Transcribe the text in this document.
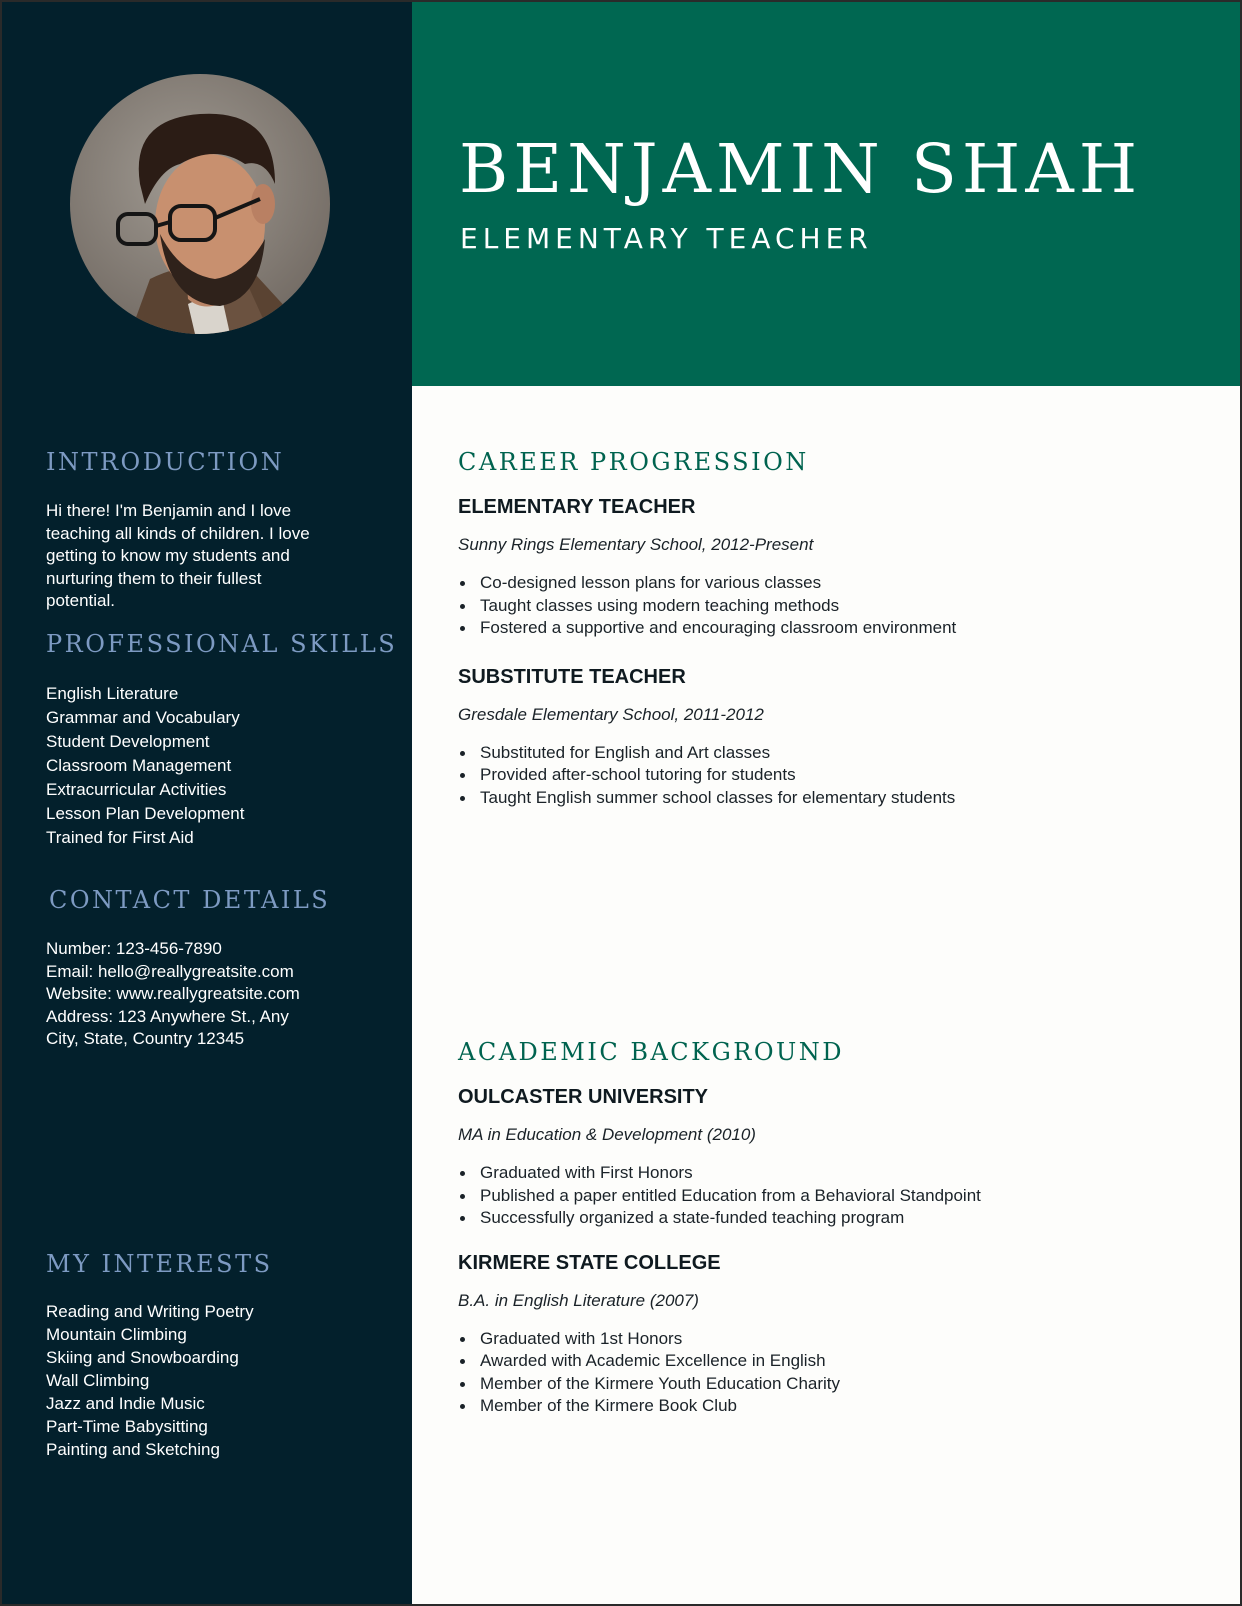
INTRODUCTION

Hi there! I'm Benjamin and I love teaching all kinds of children. I love getting to know my students and nurturing them to their fullest potential.

PROFESSIONAL SKILLS
English Literature
Grammar and Vocabulary
Student Development
Classroom Management
Extracurricular Activities
Lesson Plan Development
Trained for First Aid
CONTACT DETAILS

Number: 123-456-7890

Email: hello@reallygreatsite.com

Website: www.reallygreatsite.com

Address: 123 Anywhere St., Any City, State, Country 12345

MY INTERESTS
Reading and Writing Poetry
Mountain Climbing
Skiing and Snowboarding
Wall Climbing
Jazz and Indie Music
Part-Time Babysitting
Painting and Sketching
BENJAMIN SHAH
ELEMENTARY TEACHER
CAREER PROGRESSION
ELEMENTARY TEACHER

Sunny Rings Elementary School, 2012-Present

Co-designed lesson plans for various classes
Taught classes using modern teaching methods
Fostered a supportive and encouraging classroom environment
SUBSTITUTE TEACHER

Gresdale Elementary School, 2011-2012

Substituted for English and Art classes
Provided after-school tutoring for students
Taught English summer school classes for elementary students
ACADEMIC BACKGROUND
OULCASTER UNIVERSITY

MA in Education & Development (2010)

Graduated with First Honors
Published a paper entitled Education from a Behavioral Standpoint
Successfully organized a state-funded teaching program
KIRMERE STATE COLLEGE

B.A. in English Literature (2007)

Graduated with 1st Honors
Awarded with Academic Excellence in English
Member of the Kirmere Youth Education Charity
Member of the Kirmere Book Club
